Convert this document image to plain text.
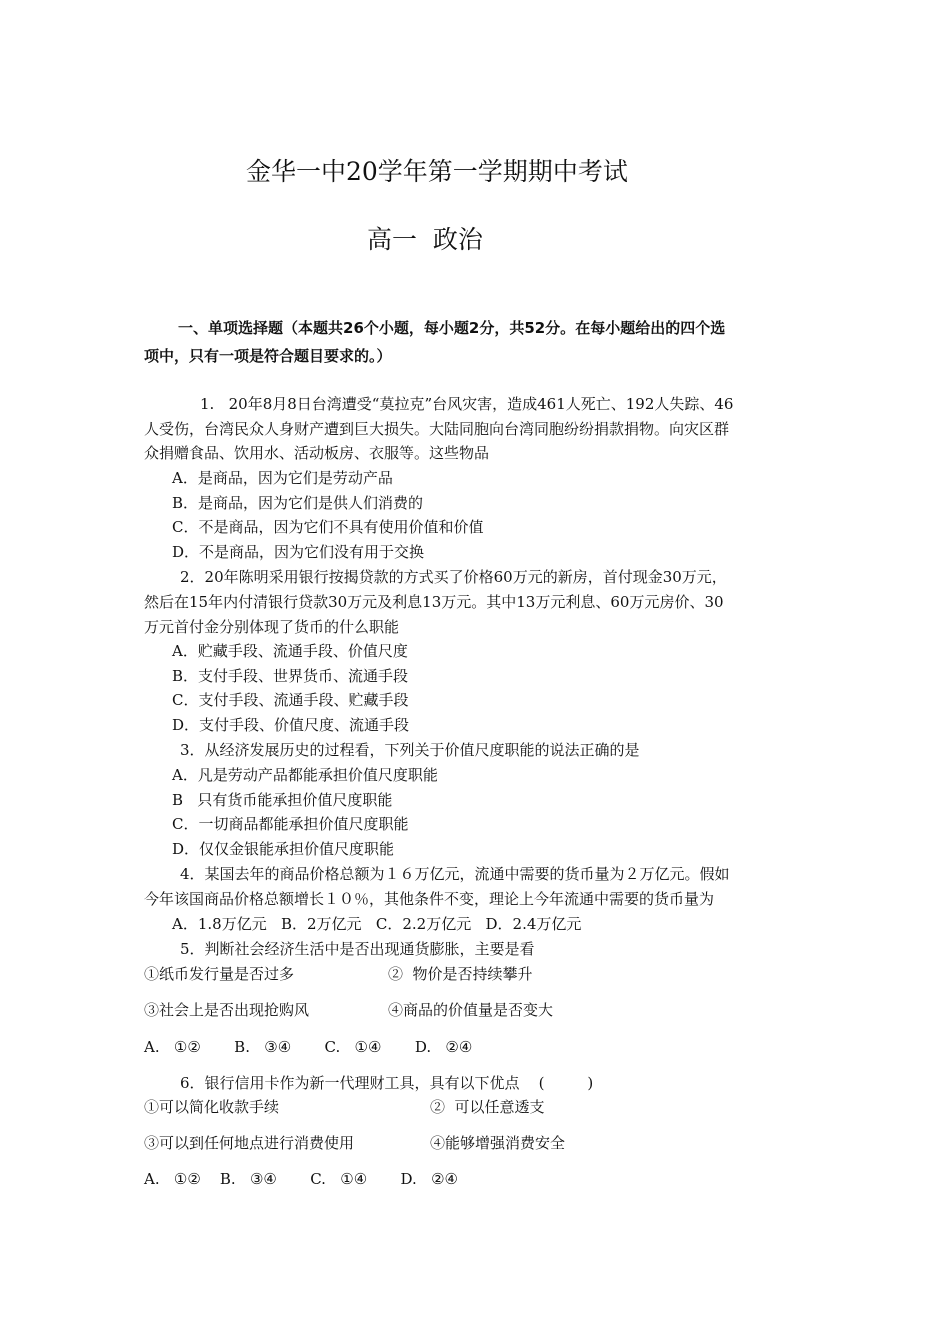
金华一中20学年第一学期期中考试
高一  政治
一、单项选择题（本题共26个小题，每小题2分，共52分。在每小题给出的四个选
项中，只有一项是符合题目要求的。）
1.   20年8月8日台湾遭受“莫拉克”台风灾害，造成461人死亡、192人失踪、46
人受伤，台湾民众人身财产遭到巨大损失。大陆同胞向台湾同胞纷纷捐款捐物。向灾区群
众捐赠食品、饮用水、活动板房、衣服等。这些物品
A．是商品，因为它们是劳动产品
B．是商品，因为它们是供人们消费的
C．不是商品，因为它们不具有使用价值和价值
D．不是商品，因为它们没有用于交换
2．20年陈明采用银行按揭贷款的方式买了价格60万元的新房，首付现金30万元，
然后在15年内付清银行贷款30万元及利息13万元。其中13万元利息、60万元房价、30
万元首付金分别体现了货币的什么职能
A．贮藏手段、流通手段、价值尺度
B．支付手段、世界货币、流通手段
C．支付手段、流通手段、贮藏手段
D．支付手段、价值尺度、流通手段
3．从经济发展历史的过程看，下列关于价值尺度职能的说法正确的是
A．凡是劳动产品都能承担价值尺度职能
B   只有货币能承担价值尺度职能
C．一切商品都能承担价值尺度职能
D．仅仅金银能承担价值尺度职能
4．某国去年的商品价格总额为１６万亿元，流通中需要的货币量为２万亿元。假如
今年该国商品价格总额增长１０％，其他条件不变，理论上今年流通中需要的货币量为
A．1.8万亿元   B．2万亿元   C．2.2万亿元   D．2.4万亿元
5．判断社会经济生活中是否出现通货膨胀，主要是看
①纸币发行量是否过多	②  物价是否持续攀升
③社会上是否出现抢购风	④商品的价值量是否变大
A.   ①②       B.   ③④       C.   ①④       D.   ②④
6．银行信用卡作为新一代理财工具，具有以下优点    (         )
①可以简化收款手续	②  可以任意透支
③可以到任何地点进行消费使用	④能够增强消费安全
A.   ①②    B.   ③④       C.   ①④       D.   ②④
